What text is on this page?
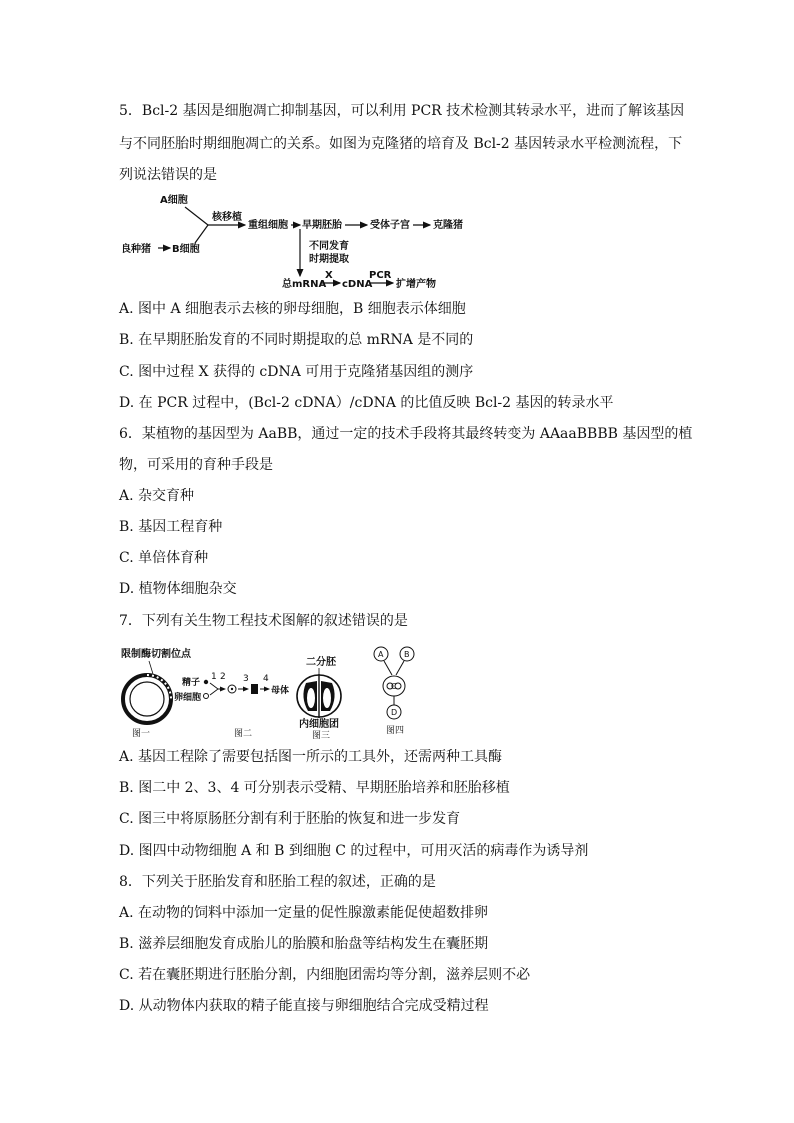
5．Bcl-2 基因是细胞凋亡抑制基因，可以利用 PCR 技术检测其转录水平，进而了解该基因
与不同胚胎时期细胞凋亡的关系。如图为克隆猪的培育及 Bcl-2 基因转录水平检测流程，下
列说法错误的是
A细胞
良种猪 B细胞
核移植
重组细胞 早期胚胎	受体子宫 克隆猪
不同发育
时期提取
总mRNA
X
cDNA
PCR
扩增产物
A. 图中 A 细胞表示去核的卵母细胞，B 细胞表示体细胞
B. 在早期胚胎发育的不同时期提取的总 mRNA 是不同的
C. 图中过程 X 获得的 cDNA 可用于克隆猪基因组的测序
D. 在 PCR 过程中，(Bcl-2 cDNA）/cDNA 的比值反映 Bcl-2 基因的转录水平
6．某植物的基因型为 AaBB，通过一定的技术手段将其最终转变为 AAaaBBBB 基因型的植
物，可采用的育种手段是
A. 杂交育种
B. 基因工程育种
C. 单倍体育种
D. 植物体细胞杂交
7．下列有关生物工程技术图解的叙述错误的是
限制酶切割位点
图一
精子
卵细胞
1 2 3 4
母体
图二
二分胚
内细胞团
图三
A	B
C
D
图四
A. 基因工程除了需要包括图一所示的工具外，还需两种工具酶
B. 图二中 2、3、4 可分别表示受精、早期胚胎培养和胚胎移植
C. 图三中将原肠胚分割有利于胚胎的恢复和进一步发育
D. 图四中动物细胞 A 和 B 到细胞 C 的过程中，可用灭活的病毒作为诱导剂
8．下列关于胚胎发育和胚胎工程的叙述，正确的是
A. 在动物的饲料中添加一定量的促性腺激素能促使超数排卵
B. 滋养层细胞发育成胎儿的胎膜和胎盘等结构发生在囊胚期
C. 若在囊胚期进行胚胎分割，内细胞团需均等分割，滋养层则不必
D. 从动物体内获取的精子能直接与卵细胞结合完成受精过程
